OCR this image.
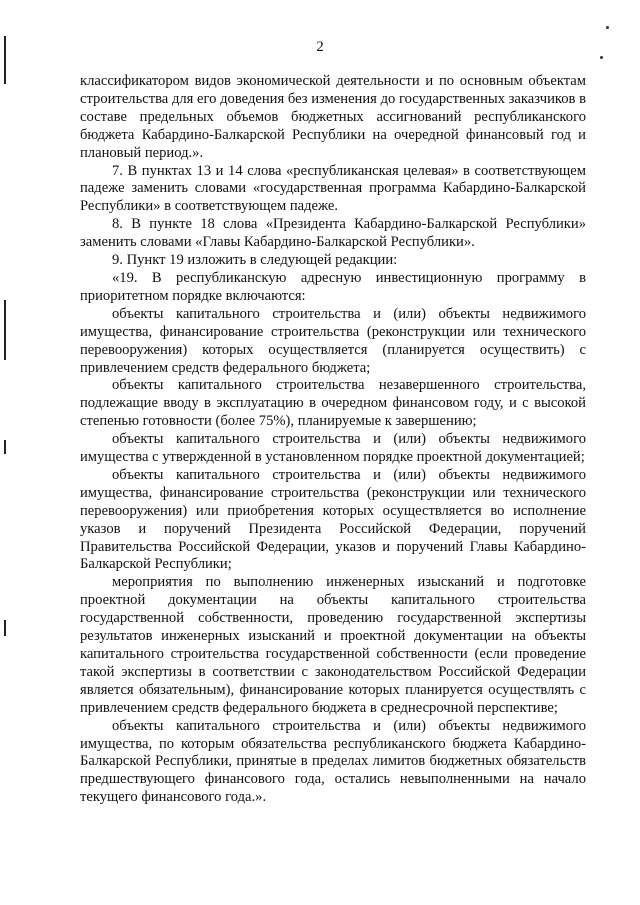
2

классификатором видов экономической деятельности и по основным объектам строительства для его доведения без изменения до государственных заказчиков в составе предельных объемов бюджетных ассигнований республиканского бюджета Кабардино-Балкарской Республики на очередной финансовый год и плановый период.».

7. В пунктах 13 и 14 слова «республиканская целевая» в соответствующем падеже заменить словами «государственная программа Кабардино-Балкарской Республики» в соответствующем падеже.

8. В пункте 18 слова «Президента Кабардино-Балкарской Республики» заменить словами «Главы Кабардино-Балкарской Республики».

9. Пункт 19 изложить в следующей редакции:

«19. В республиканскую адресную инвестиционную программу в приоритетном порядке включаются:

объекты капитального строительства и (или) объекты недвижимого имущества, финансирование строительства (реконструкции или технического перевооружения) которых осуществляется (планируется осуществить) с привлечением средств федерального бюджета;

объекты капитального строительства незавершенного строительства, подлежащие вводу в эксплуатацию в очередном финансовом году, и с высокой степенью готовности (более 75%), планируемые к завершению;

объекты капитального строительства и (или) объекты недвижимого имущества с утвержденной в установленном порядке проектной документацией;

объекты капитального строительства и (или) объекты недвижимого имущества, финансирование строительства (реконструкции или технического перевооружения) или приобретения которых осуществляется во исполнение указов и поручений Президента Российской Федерации, поручений Правительства Российской Федерации, указов и поручений Главы Кабардино-Балкарской Республики;

мероприятия по выполнению инженерных изысканий и подготовке проектной документации на объекты капитального строительства государственной собственности, проведению государственной экспертизы результатов инженерных изысканий и проектной документации на объекты капитального строительства государственной собственности (если проведение такой экспертизы в соответствии с законодательством Российской Федерации является обязательным), финансирование которых планируется осуществлять с привлечением средств федерального бюджета в среднесрочной перспективе;

объекты капитального строительства и (или) объекты недвижимого имущества, по которым обязательства республиканского бюджета Кабардино-Балкарской Республики, принятые в пределах лимитов бюджетных обязательств предшествующего финансового года, остались невыполненными на начало текущего финансового года.».
